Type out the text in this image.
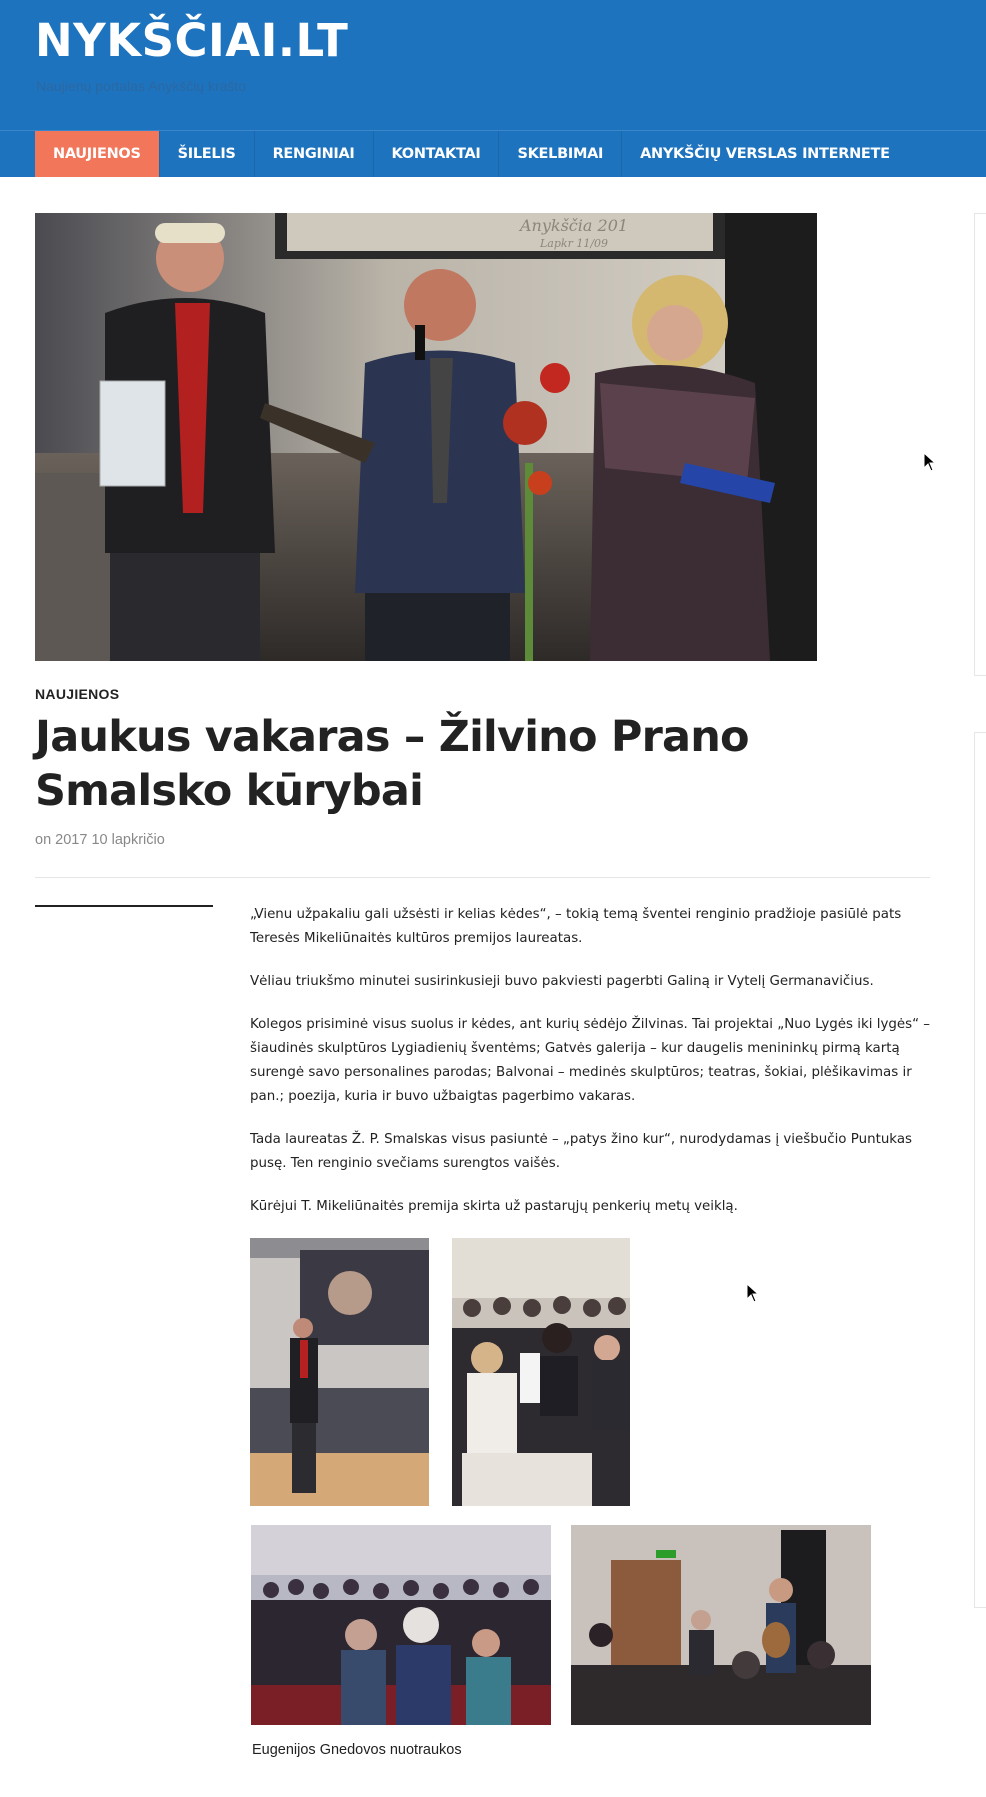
NYKŠČIAI.LT
Naujienų portalas Anykščių krašto
NAUJIENOS	ŠILELIS	RENGINIAI	KONTAKTAI	SKELBIMAI	ANYKŠČIŲ VERSLAS INTERNETE
Anykščia 201
Lapkr 11/09
NAUJIENOS
Jaukus vakaras – Žilvino Prano Smalsko kūrybai
on 2017 10 lapkričio

„Vienu užpakaliu gali užsėsti ir kelias kėdes“, – tokią temą šventei renginio pradžioje pasiūlė pats Teresės Mikeliūnaitės kultūros premijos laureatas.

Vėliau triukšmo minutei susirinkusieji buvo pakviesti pagerbti Galiną ir Vytelį Germanavičius.

Kolegos prisiminė visus suolus ir kėdes, ant kurių sėdėjo Žilvinas. Tai projektai „Nuo Lygės iki lygės“ – šiaudinės skulptūros Lygiadienių šventėms; Gatvės galerija – kur daugelis menininkų pirmą kartą surengė savo personalines parodas; Balvonai – medinės skulptūros; teatras, šokiai, plėšikavimas ir pan.; poezija, kuria ir buvo užbaigtas pagerbimo vakaras.

Tada laureatas Ž. P. Smalskas visus pasiuntė – „patys žino kur“, nurodydamas į viešbučio Puntukas pusę. Ten renginio svečiams surengtos vaišės.

Kūrėjui T. Mikeliūnaitės premija skirta už pastarųjų penkerių metų veiklą.

Eugenijos Gnedovos nuotraukos
